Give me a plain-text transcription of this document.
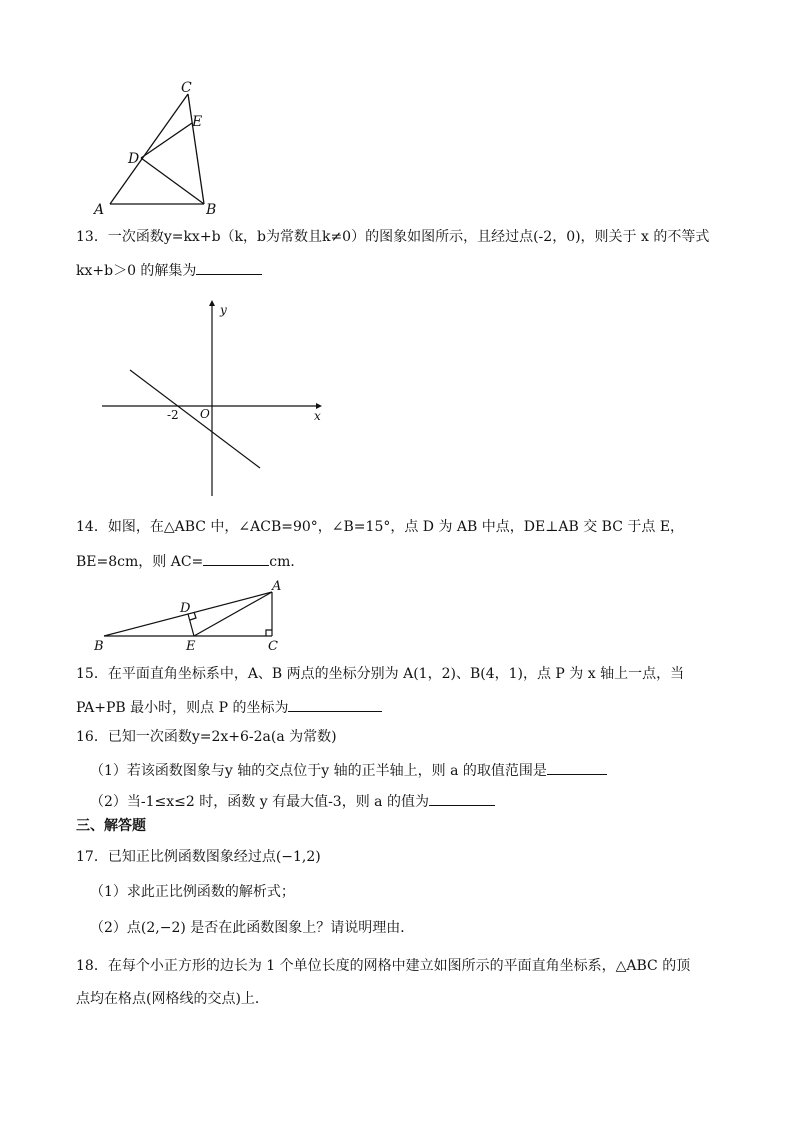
C
E
D
A	B
13．一次函数y=kx+b（k，b为常数且k≠0）的图象如图所示，且经过点(-2，0)，则关于 x 的不等式
kx+b＞0 的解集为
y
x
O
-2
14．如图，在△ABC 中，∠ACB=90°，∠B=15°，点 D 为 AB 中点，DE⊥AB 交 BC 于点 E，
BE=8cm，则 AC=	cm．
A
D
B	E	C
15．在平面直角坐标系中，A、B 两点的坐标分别为 A(1，2)、B(4，1)，点 P 为 x 轴上一点，当
PA+PB 最小时，则点 P 的坐标为
16．已知一次函数y=2x+6-2a(a 为常数)
（1）若该函数图象与y 轴的交点位于y 轴的正半轴上，则 a 的取值范围是
（2）当-1≤x≤2 时，函数 y 有最大值-3，则 a 的值为
三、解答题
17．已知正比例函数图象经过点(−1,2)
（1）求此正比例函数的解析式；
（2）点(2,−2) 是否在此函数图象上？请说明理由．
18．在每个小正方形的边长为 1 个单位长度的网格中建立如图所示的平面直角坐标系，△ABC 的顶
点均在格点(网格线的交点)上．
